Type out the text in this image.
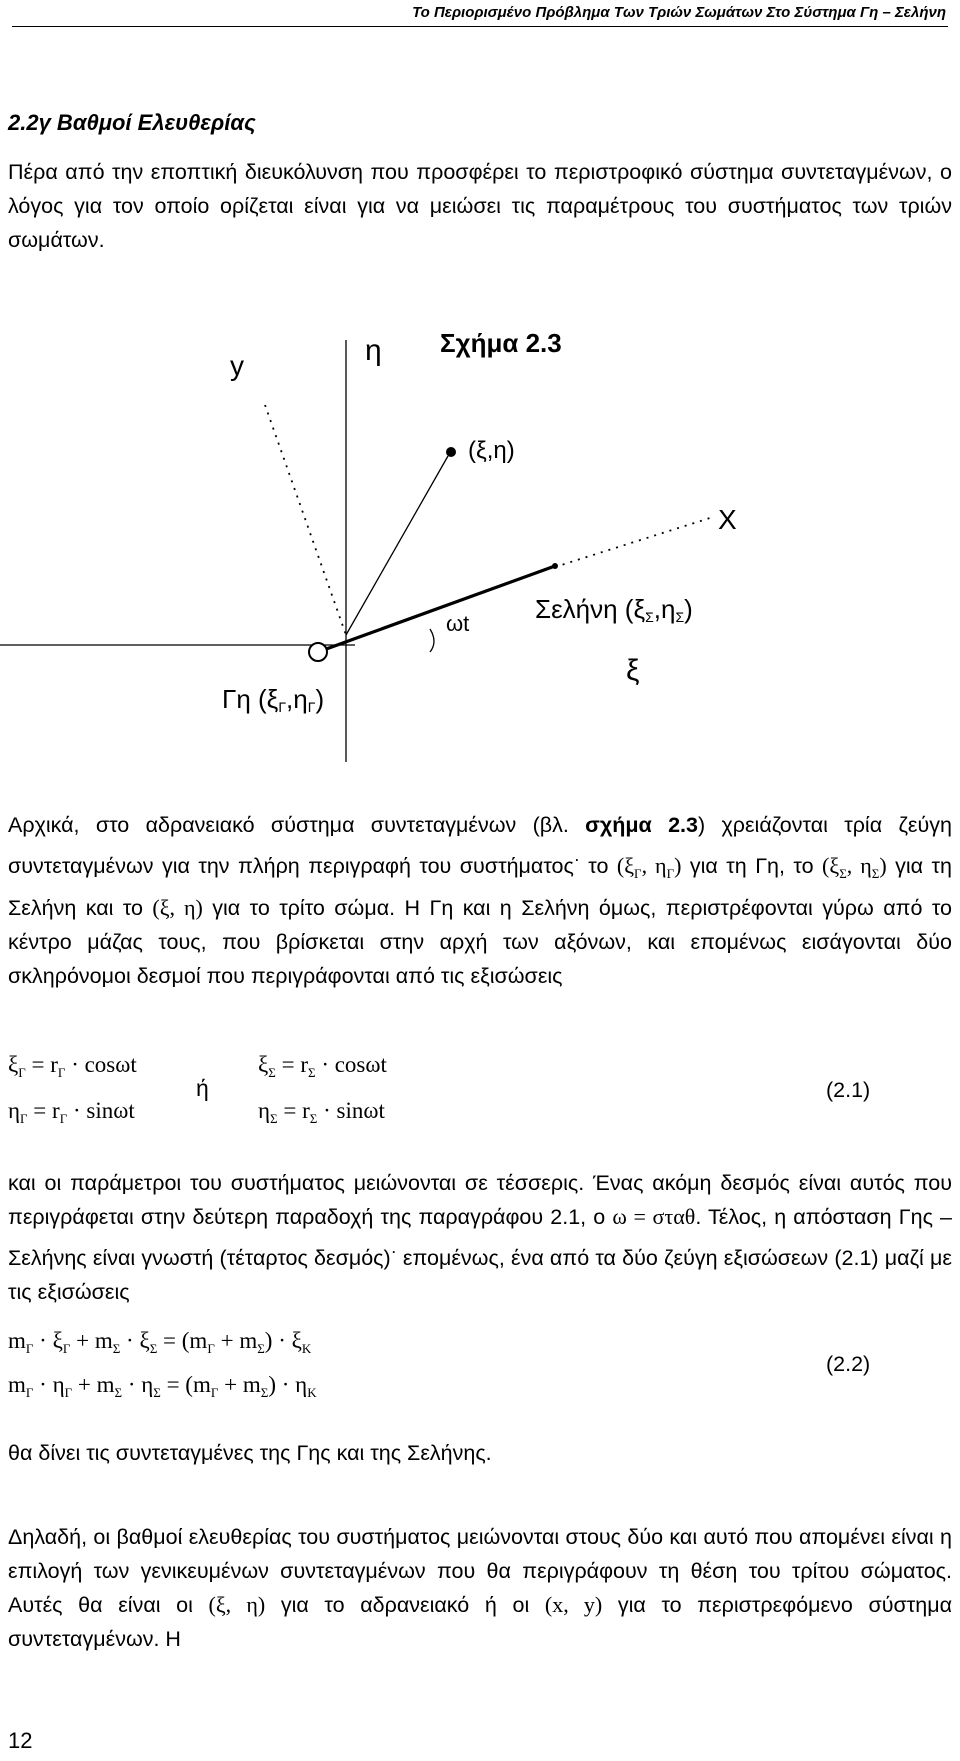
Το Περιορισμένο Πρόβλημα Των Τριών Σωμάτων Στο Σύστημα Γη – Σελήνη
2.2γ Βαθμοί Ελευθερίας
Πέρα από την εποπτική διευκόλυνση που προσφέρει το περιστροφικό σύστημα συντεταγμένων, ο λόγος για τον οποίο ορίζεται είναι για να μειώσει τις παραμέτρους του συστήματος των τριών σωμάτων.
y	η Σχήμα 2.3
(ξ,η)
X
Σελήνη (ξΣ,ηΣ)
ωt
ξ
Γη (ξΓ,ηΓ)
Αρχικά, στο αδρανειακό σύστημα συντεταγμένων (βλ. σχήμα 2.3) χρειάζονται τρία ζεύγη συντεταγμένων για την πλήρη περιγραφή του συστήματος· το ($\xi_\Gamma$, $\eta_\Gamma$) για τη Γη, το ($\xi_\Sigma$, $\eta_\Sigma$) για τη Σελήνη και το (ξ, η) για το τρίτο σώμα. Η Γη και η Σελήνη όμως, περιστρέφονται γύρω από το κέντρο μάζας τους, που βρίσκεται στην αρχή των αξόνων, και επομένως εισάγονται δύο σκληρόνομοι δεσμοί που περιγράφονται από τις εξισώσεις
$\xi_\Gamma = r_\Gamma \cdot \cos\omega t$
$\eta_\Gamma = r_\Gamma \cdot \sin\omega t$
ή
$\xi_\Sigma = r_\Sigma \cdot \cos\omega t$
$\eta_\Sigma = r_\Sigma \cdot \sin\omega t$
(2.1)
και οι παράμετροι του συστήματος μειώνονται σε τέσσερις. Ένας ακόμη δεσμός είναι αυτός που περιγράφεται στην δεύτερη παραδοχή της παραγράφου 2.1, ο ω = σταθ. Τέλος, η απόσταση Γης – Σελήνης είναι γνωστή (τέταρτος δεσμός)· επομένως, ένα από τα δύο ζεύγη εξισώσεων (2.1) μαζί με τις εξισώσεις
$m_\Gamma \cdot \xi_\Gamma + m_\Sigma \cdot \xi_\Sigma = (m_\Gamma + m_\Sigma) \cdot \xi_K$
$m_\Gamma \cdot \eta_\Gamma + m_\Sigma \cdot \eta_\Sigma = (m_\Gamma + m_\Sigma) \cdot \eta_K$
(2.2)
θα δίνει τις συντεταγμένες της Γης και της Σελήνης.
Δηλαδή, οι βαθμοί ελευθερίας του συστήματος μειώνονται στους δύο και αυτό που απομένει είναι η επιλογή των γενικευμένων συντεταγμένων που θα περιγράφουν τη θέση του τρίτου σώματος. Αυτές θα είναι οι (ξ, η) για το αδρανειακό ή οι (x, y) για το περιστρεφόμενο σύστημα συντεταγμένων. Η
12
